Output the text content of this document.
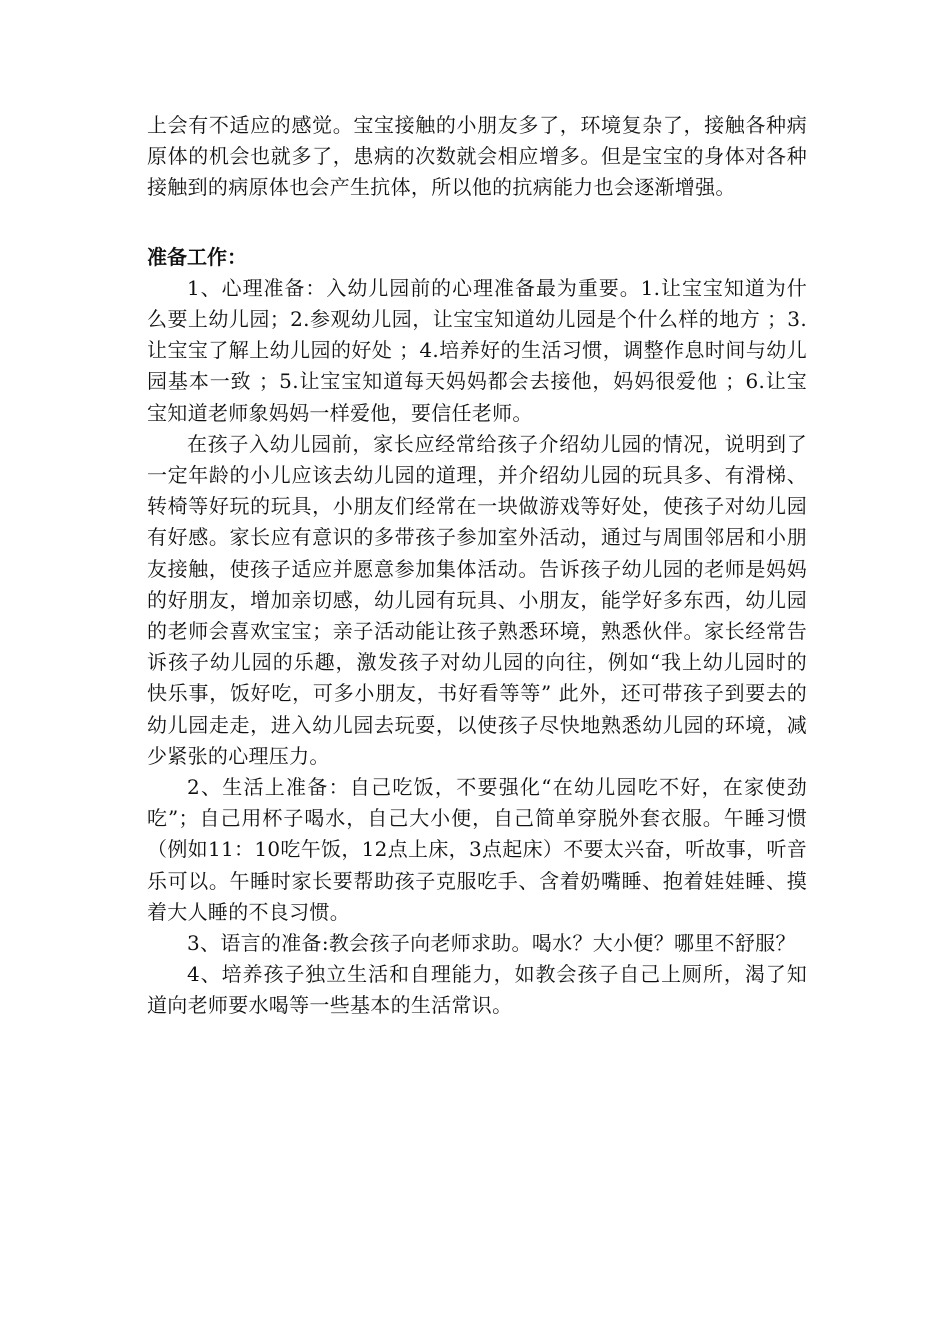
上会有不适应的感觉。宝宝接触的小朋友多了，环境复杂了，接触各种病原体的机会也就多了，患病的次数就会相应增多。但是宝宝的身体对各种接触到的病原体也会产生抗体，所以他的抗病能力也会逐渐增强。

准备工作：

1、心理准备：入幼儿园前的心理准备最为重要。1.让宝宝知道为什么要上幼儿园；2.参观幼儿园，让宝宝知道幼儿园是个什么样的地方 ；3.让宝宝了解上幼儿园的好处 ；4.培养好的生活习惯，调整作息时间与幼儿园基本一致 ；5.让宝宝知道每天妈妈都会去接他，妈妈很爱他 ；6.让宝宝知道老师象妈妈一样爱他，要信任老师。

在孩子入幼儿园前，家长应经常给孩子介绍幼儿园的情况，说明到了一定年龄的小儿应该去幼儿园的道理，并介绍幼儿园的玩具多、有滑梯、转椅等好玩的玩具，小朋友们经常在一块做游戏等好处，使孩子对幼儿园有好感。家长应有意识的多带孩子参加室外活动，通过与周围邻居和小朋友接触，使孩子适应并愿意参加集体活动。告诉孩子幼儿园的老师是妈妈的好朋友，增加亲切感，幼儿园有玩具、小朋友，能学好多东西，幼儿园的老师会喜欢宝宝；亲子活动能让孩子熟悉环境，熟悉伙伴。家长经常告诉孩子幼儿园的乐趣，激发孩子对幼儿园的向往，例如“我上幼儿园时的快乐事，饭好吃，可多小朋友，书好看等等” 此外，还可带孩子到要去的幼儿园走走，进入幼儿园去玩耍，以使孩子尽快地熟悉幼儿园的环境，减少紧张的心理压力。

2、生活上准备：自己吃饭，不要强化“在幼儿园吃不好，在家使劲吃”；自己用杯子喝水，自己大小便，自己简单穿脱外套衣服。午睡习惯（例如11：10吃午饭，12点上床，3点起床）不要太兴奋，听故事，听音乐可以。午睡时家长要帮助孩子克服吃手、含着奶嘴睡、抱着娃娃睡、摸着大人睡的不良习惯。

3、语言的准备:教会孩子向老师求助。喝水？大小便？哪里不舒服？

4、培养孩子独立生活和自理能力，如教会孩子自己上厕所，渴了知道向老师要水喝等一些基本的生活常识。
